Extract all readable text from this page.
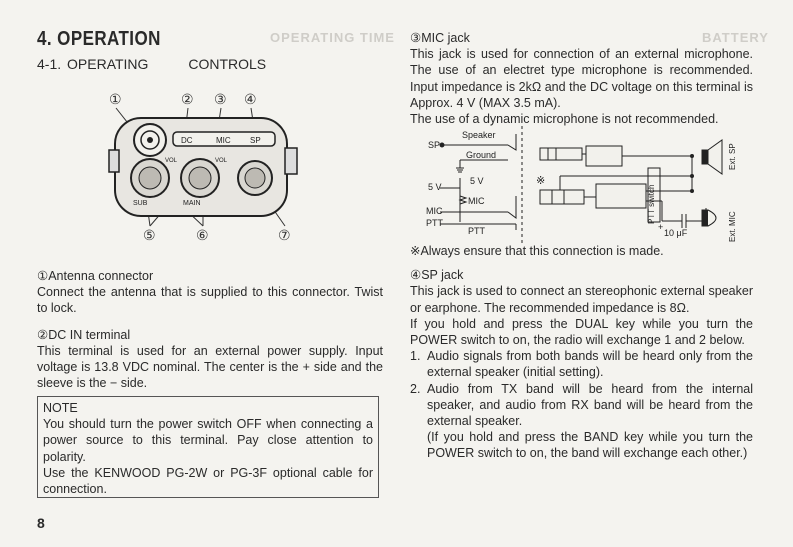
OPERATING TIME	BATTERY
4. OPERATION
4-1. OPERATING	CONTROLS
①	② ③ ④
⑤	⑥	⑦
DC	MIC SP
SUB	MAIN
VOL	VOL

①Antenna connector

Connect the antenna that is supplied to this connector. Twist to lock.

②DC IN terminal

This terminal is used for an external power supply. Input voltage is 13.8 VDC nominal. The center is the + side and the sleeve is the − side.

NOTE
You should turn the power switch OFF when connecting a power source to this terminal. Pay close attention to polarity.
Use the KENWOOD PG-2W or PG-3F optional cable for connection.
8

③MIC jack

This jack is used for connection of an external microphone. The use of an electret type microphone is recommended. Input impedance is 2kΩ and the DC voltage on this terminal is Approx. 4 V (MAX 3.5 mA).

The use of a dynamic microphone is not recommended.

SP
Speaker
Ground
5 V
5 V
MIC
MIC
PTT
PTT	10 μF
+
※
PTT switch
Ext. SP
Ext. MIC

※Always ensure that this connection is made.

④SP jack

This jack is used to connect an stereophonic external speaker or earphone. The recommended impedance is 8Ω.

If you hold and press the DUAL key while you turn the POWER switch to on, the radio will exchange 1 and 2 below.

1. Audio signals from both bands will be heard only from the external speaker (initial setting).
2. Audio from TX band will be heard from the internal speaker, and audio from RX band will be heard from the external speaker.

(If you hold and press the BAND key while you turn the POWER switch to on, the band will exchange each other.)
